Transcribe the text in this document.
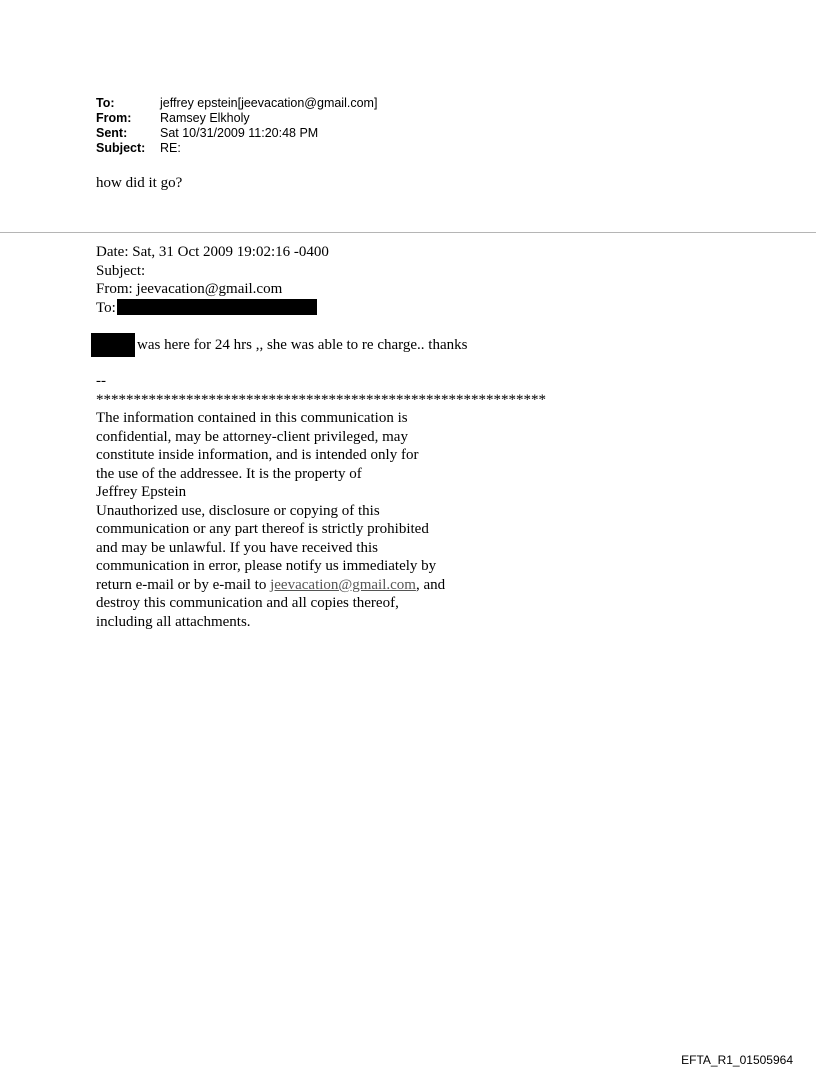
To:	jeffrey epstein[jeevacation@gmail.com]
From:	Ramsey Elkholy
Sent:	Sat 10/31/2009 11:20:48 PM
Subject:	RE:
how did it go?
Date: Sat, 31 Oct 2009 19:02:16 -0400
Subject:
From: jeevacation@gmail.com
To:
was here for 24 hrs ,, she was able to re charge.. thanks
--
************************************************************
The information contained in this communication is
confidential, may be attorney-client privileged, may
constitute inside information, and is intended only for
the use of the addressee. It is the property of
Jeffrey Epstein
Unauthorized use, disclosure or copying of this
communication or any part thereof is strictly prohibited
and may be unlawful. If you have received this
communication in error, please notify us immediately by
return e-mail or by e-mail to jeevacation@gmail.com, and
destroy this communication and all copies thereof,
including all attachments.
EFTA_R1_01505964
